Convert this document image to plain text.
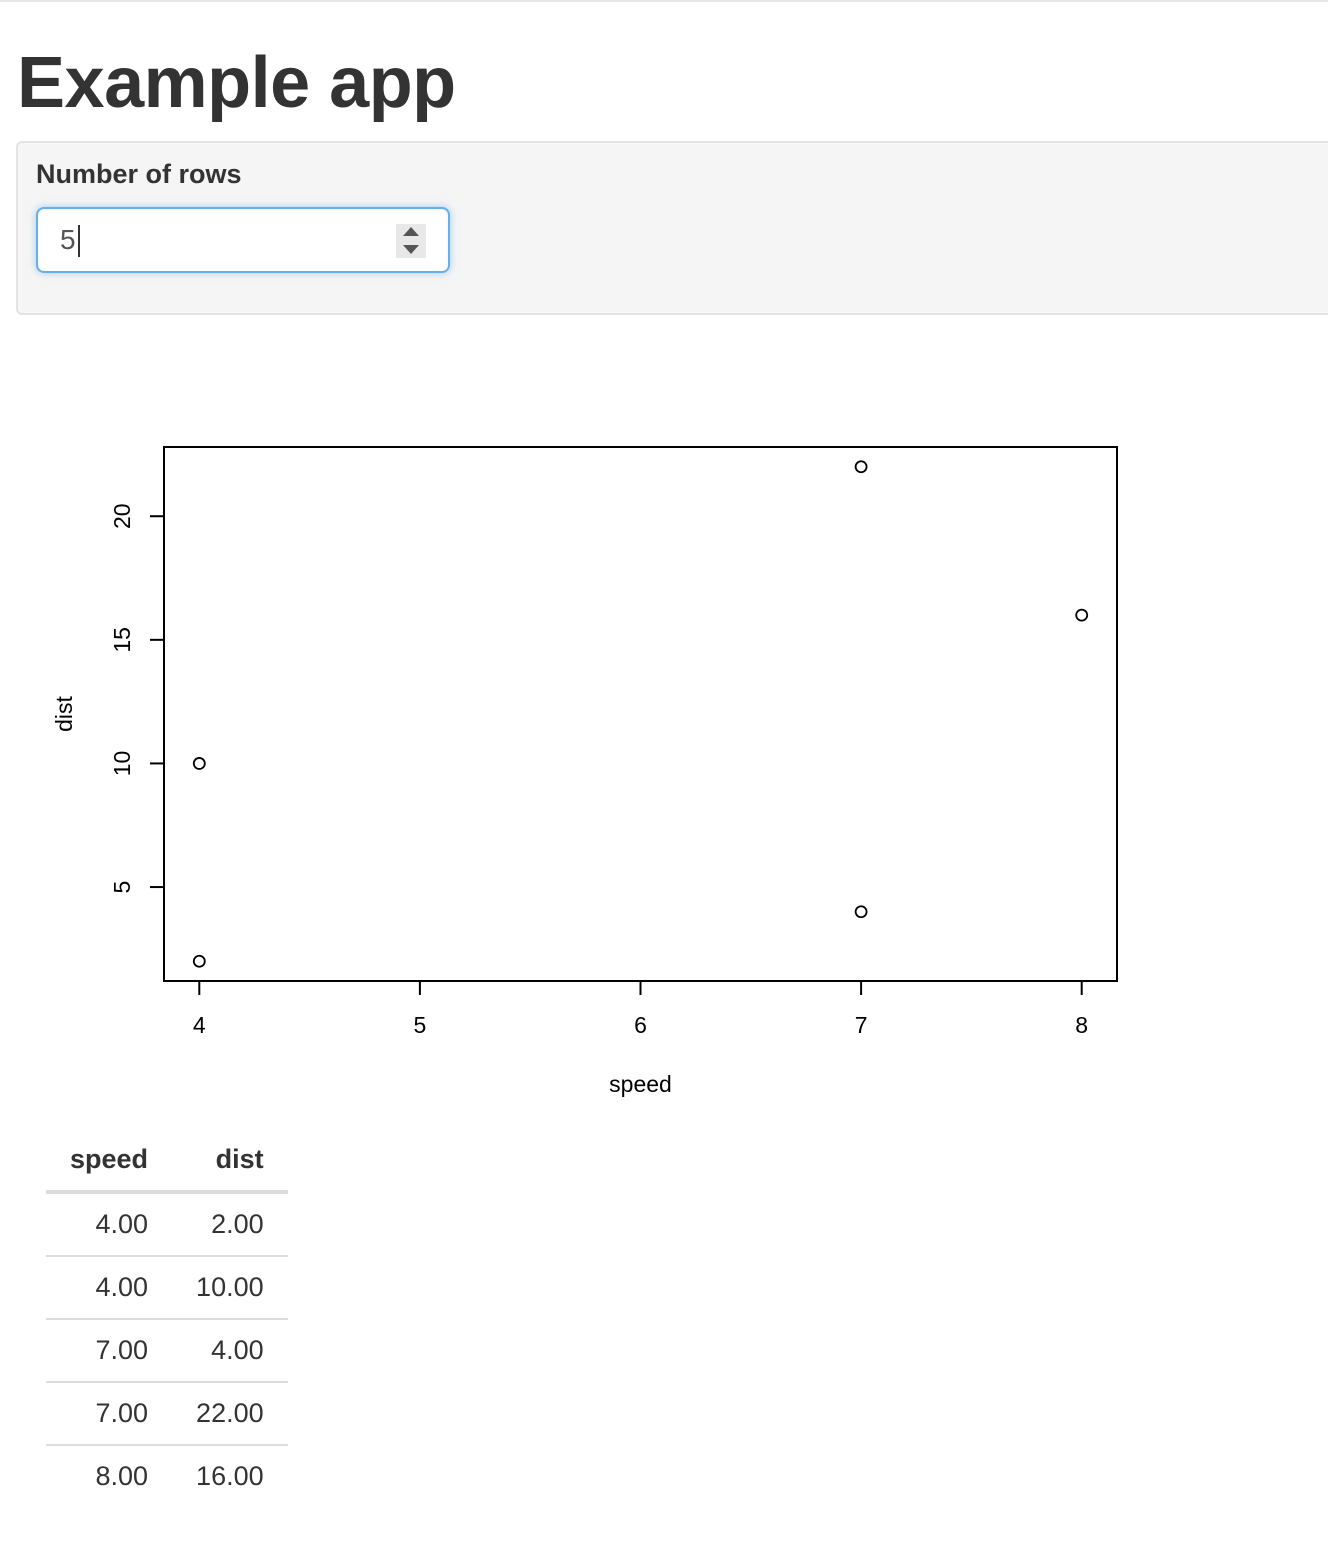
Example app
Number of rows
5
4	5	6	7	8
5
10
15
20
speed
dist
speed	dist
4.00	2.00
4.00	10.00
7.00	4.00
7.00	22.00
8.00	16.00
